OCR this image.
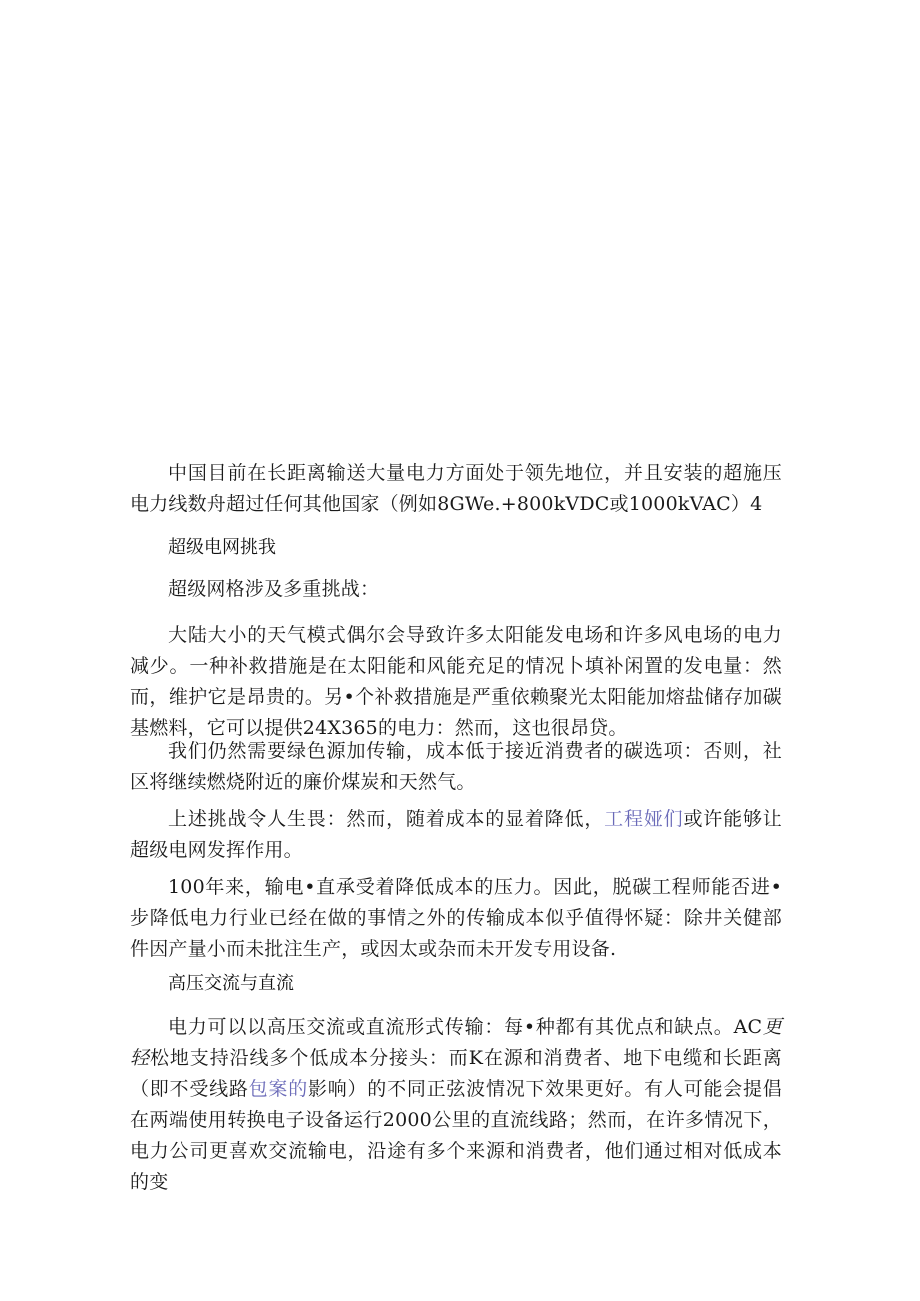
中国目前在长距离输送大量电力方面处于领先地位，并且安装的超施压电力线数舟超过任何其他国家（例如8GWe.+800kVDC或1000kVAC）4

超级电网挑我

超级网格涉及多重挑战：

大陆大小的天气模式偶尔会导致许多太阳能发电场和许多风电场的电力减少。一种补救措施是在太阳能和风能充足的情况卜填补闲置的发电量：然而，维护它是昂贵的。另•个补救措施是严重依赖聚光太阳能加熔盐储存加碳基燃料，它可以提供24X365的电力：然而，这也很昂贷。

我们仍然需要绿色源加传输，成本低于接近消费者的碳选项：否则，社区将继续燃烧附近的廉价煤炭和天然气。

上述挑战令人生畏：然而，随着成本的显着降低，工程娅们或许能够让超级电网发挥作用。

100年来，输电•直承受着降低成本的压力。因此，脱碳工程师能否进•步降低电力行业已经在做的事情之外的传输成本似乎值得怀疑：除井关健部件因产量小而未批注生产，或因太或杂而未开发专用设备.

高压交流与直流

电力可以以高压交流或直流形式传输：每•种都有其优点和缺点。AC更轻松地支持沿线多个低成本分接头：而K在源和消费者、地下电缆和长距离（即不受线路包案的影响）的不同正弦波情况下效果更好。有人可能会提倡在两端使用转换电子设备运行2000公里的直流线路；然而，在许多情况下，电力公司更喜欢交流输电，沿途有多个来源和消费者，他们通过相对低成本的变
